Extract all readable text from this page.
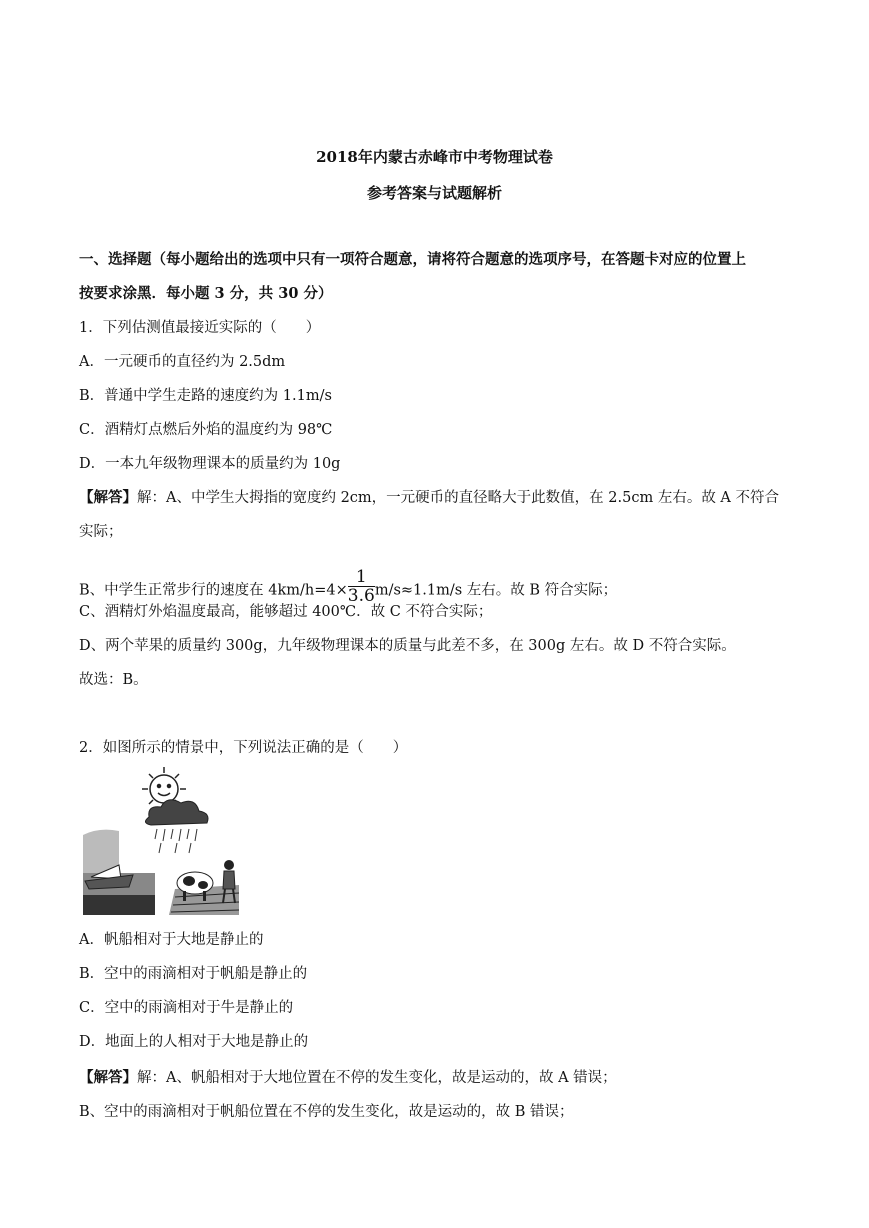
2018年内蒙古赤峰市中考物理试卷
参考答案与试题解析
一、选择题（每小题给出的选项中只有一项符合题意，请将符合题意的选项序号，在答题卡对应的位置上
按要求涂黑．每小题 3 分，共 30 分）
1．下列估测值最接近实际的（　　）
A．一元硬币的直径约为 2.5dm
B．普通中学生走路的速度约为 1.1m/s
C．酒精灯点燃后外焰的温度约为 98℃
D．一本九年级物理课本的质量约为 10g
【解答】解：A、中学生大拇指的宽度约 2cm，一元硬币的直径略大于此数值，在 2.5cm 左右。故 A 不符合
实际；
B、中学生正常步行的速度在 $4km/h=4\times \frac{1}{3.6} m/s\approx 1.1m/s$ 左右。故 B 符合实际；
C、酒精灯外焰温度最高，能够超过 400℃．故 C 不符合实际；
D、两个苹果的质量约 300g，九年级物理课本的质量与此差不多，在 300g 左右。故 D 不符合实际。
故选：B。
2．如图所示的情景中，下列说法正确的是（　　）
A．帆船相对于大地是静止的
B．空中的雨滴相对于帆船是静止的
C．空中的雨滴相对于牛是静止的
D．地面上的人相对于大地是静止的
【解答】解：A、帆船相对于大地位置在不停的发生变化，故是运动的，故 A 错误；
B、空中的雨滴相对于帆船位置在不停的发生变化，故是运动的，故 B 错误；
